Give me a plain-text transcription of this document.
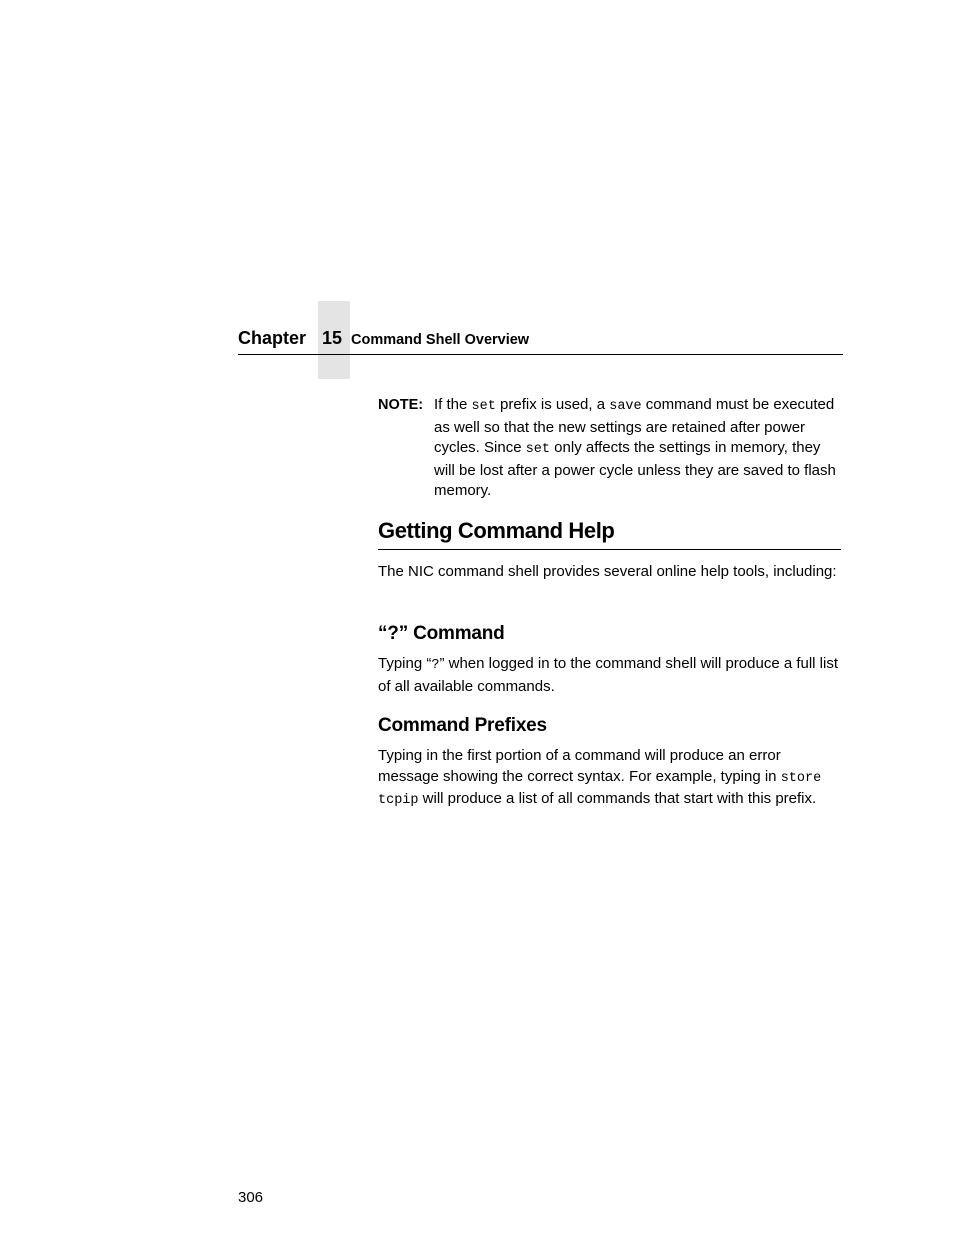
Chapter 15 Command Shell Overview
NOTE: If the set prefix is used, a save command must be executed as well so that the new settings are retained after power cycles. Since set only affects the settings in memory, they will be lost after a power cycle unless they are saved to flash memory.
Getting Command Help
The NIC command shell provides several online help tools, including:
“?” Command
Typing “?” when logged in to the command shell will produce a full list of all available commands.
Command Prefixes
Typing in the first portion of a command will produce an error message showing the correct syntax. For example, typing in store tcpip will produce a list of all commands that start with this prefix.
306
